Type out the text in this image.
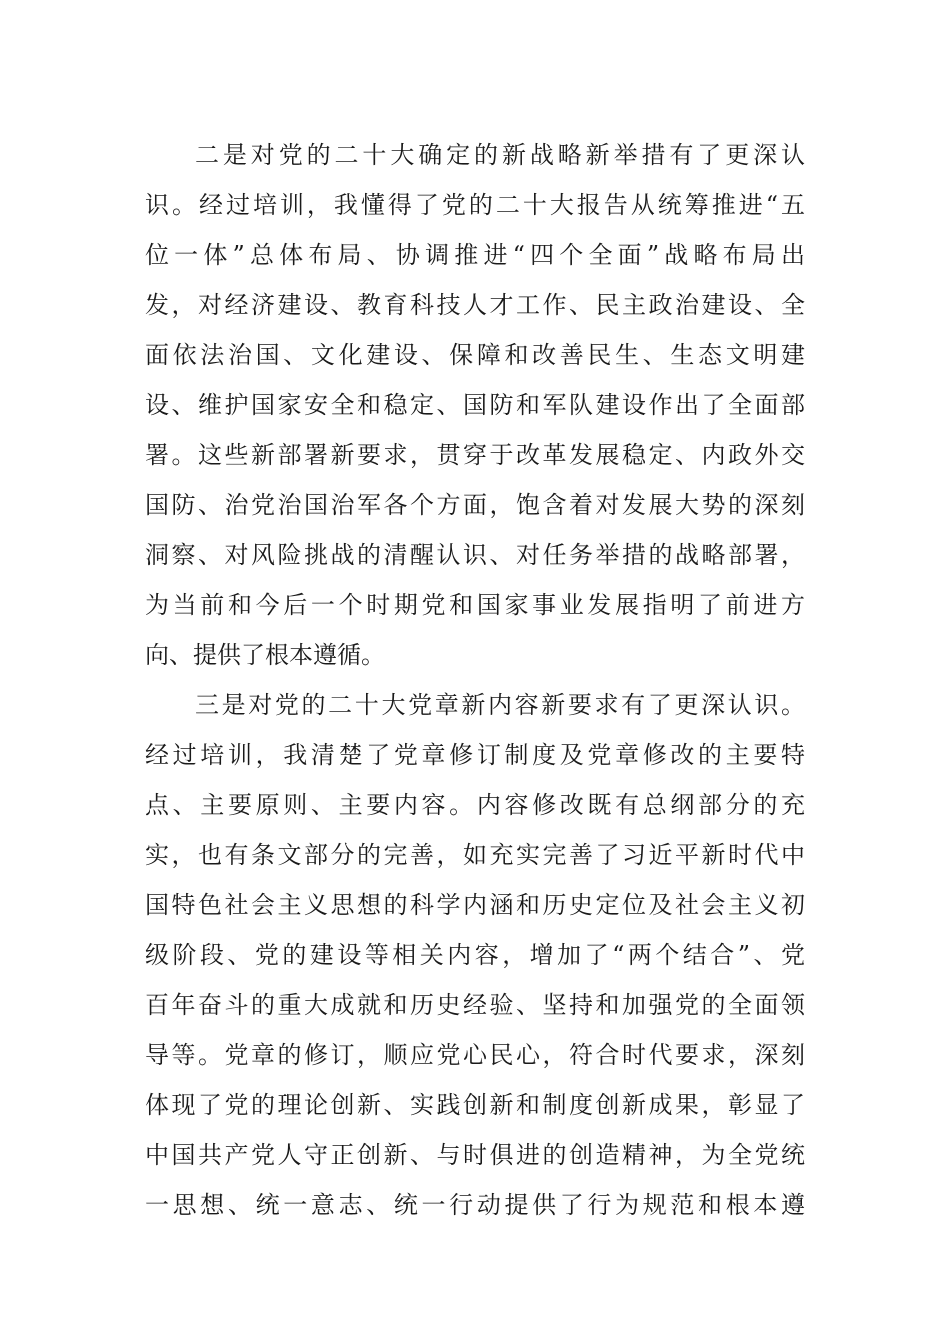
二是对党的二十大确定的新战略新举措有了更深认
识。经过培训，我懂得了党的二十大报告从统筹推进“五
位一体”总体布局、协调推进“四个全面”战略布局出
发，对经济建设、教育科技人才工作、民主政治建设、全
面依法治国、文化建设、保障和改善民生、生态文明建
设、维护国家安全和稳定、国防和军队建设作出了全面部
署。这些新部署新要求，贯穿于改革发展稳定、内政外交
国防、治党治国治军各个方面，饱含着对发展大势的深刻
洞察、对风险挑战的清醒认识、对任务举措的战略部署，
为当前和今后一个时期党和国家事业发展指明了前进方
向、提供了根本遵循。
三是对党的二十大党章新内容新要求有了更深认识。
经过培训，我清楚了党章修订制度及党章修改的主要特
点、主要原则、主要内容。内容修改既有总纲部分的充
实，也有条文部分的完善，如充实完善了习近平新时代中
国特色社会主义思想的科学内涵和历史定位及社会主义初
级阶段、党的建设等相关内容，增加了“两个结合”、党
百年奋斗的重大成就和历史经验、坚持和加强党的全面领
导等。党章的修订，顺应党心民心，符合时代要求，深刻
体现了党的理论创新、实践创新和制度创新成果，彰显了
中国共产党人守正创新、与时俱进的创造精神，为全党统
一思想、统一意志、统一行动提供了行为规范和根本遵
